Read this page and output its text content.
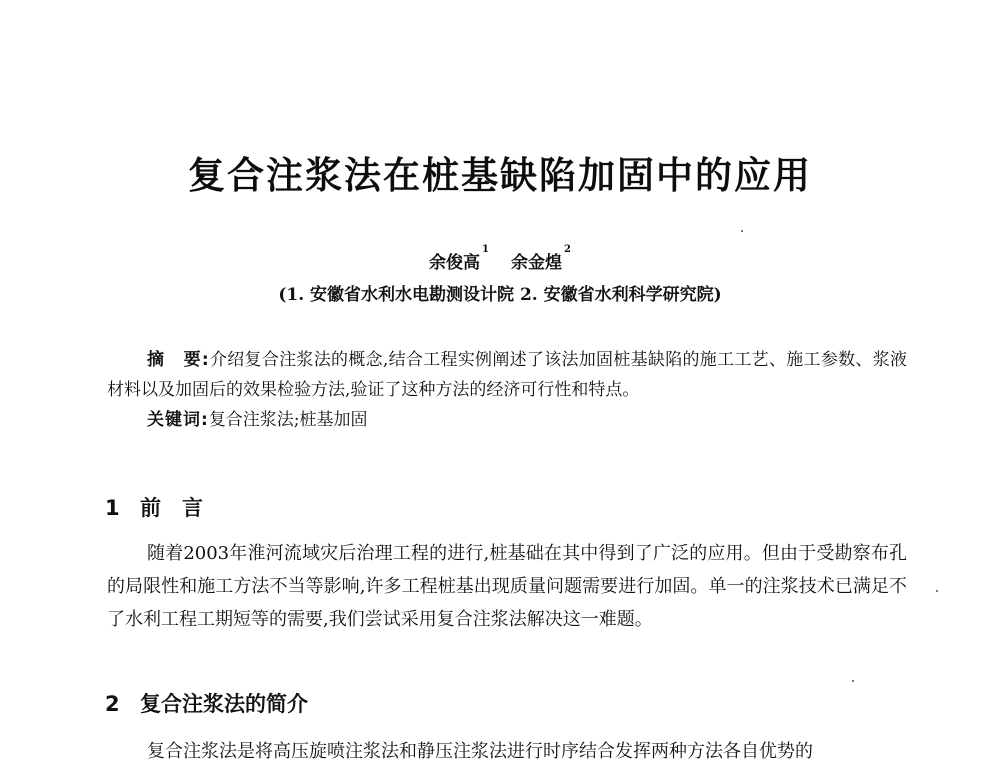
复合注浆法在桩基缺陷加固中的应用
余俊高$^1$余金煌$^2$
(1. 安徽省水利水电勘测设计院 2. 安徽省水利科学研究院)
摘　要:介绍复合注浆法的概念,结合工程实例阐述了该法加固桩基缺陷的施工工艺、施工参数、浆液材料以及加固后的效果检验方法,验证了这种方法的经济可行性和特点。
关键词:复合注浆法;桩基加固
1 前　言
随着2003年淮河流域灾后治理工程的进行,桩基础在其中得到了广泛的应用。但由于受勘察布孔的局限性和施工方法不当等影响,许多工程桩基出现质量问题需要进行加固。单一的注浆技术已满足不了水利工程工期短等的需要,我们尝试采用复合注浆法解决这一难题。
2 复合注浆法的简介
复合注浆法是将高压旋喷注浆法和静压注浆法进行时序结合发挥两种方法各自优势的
